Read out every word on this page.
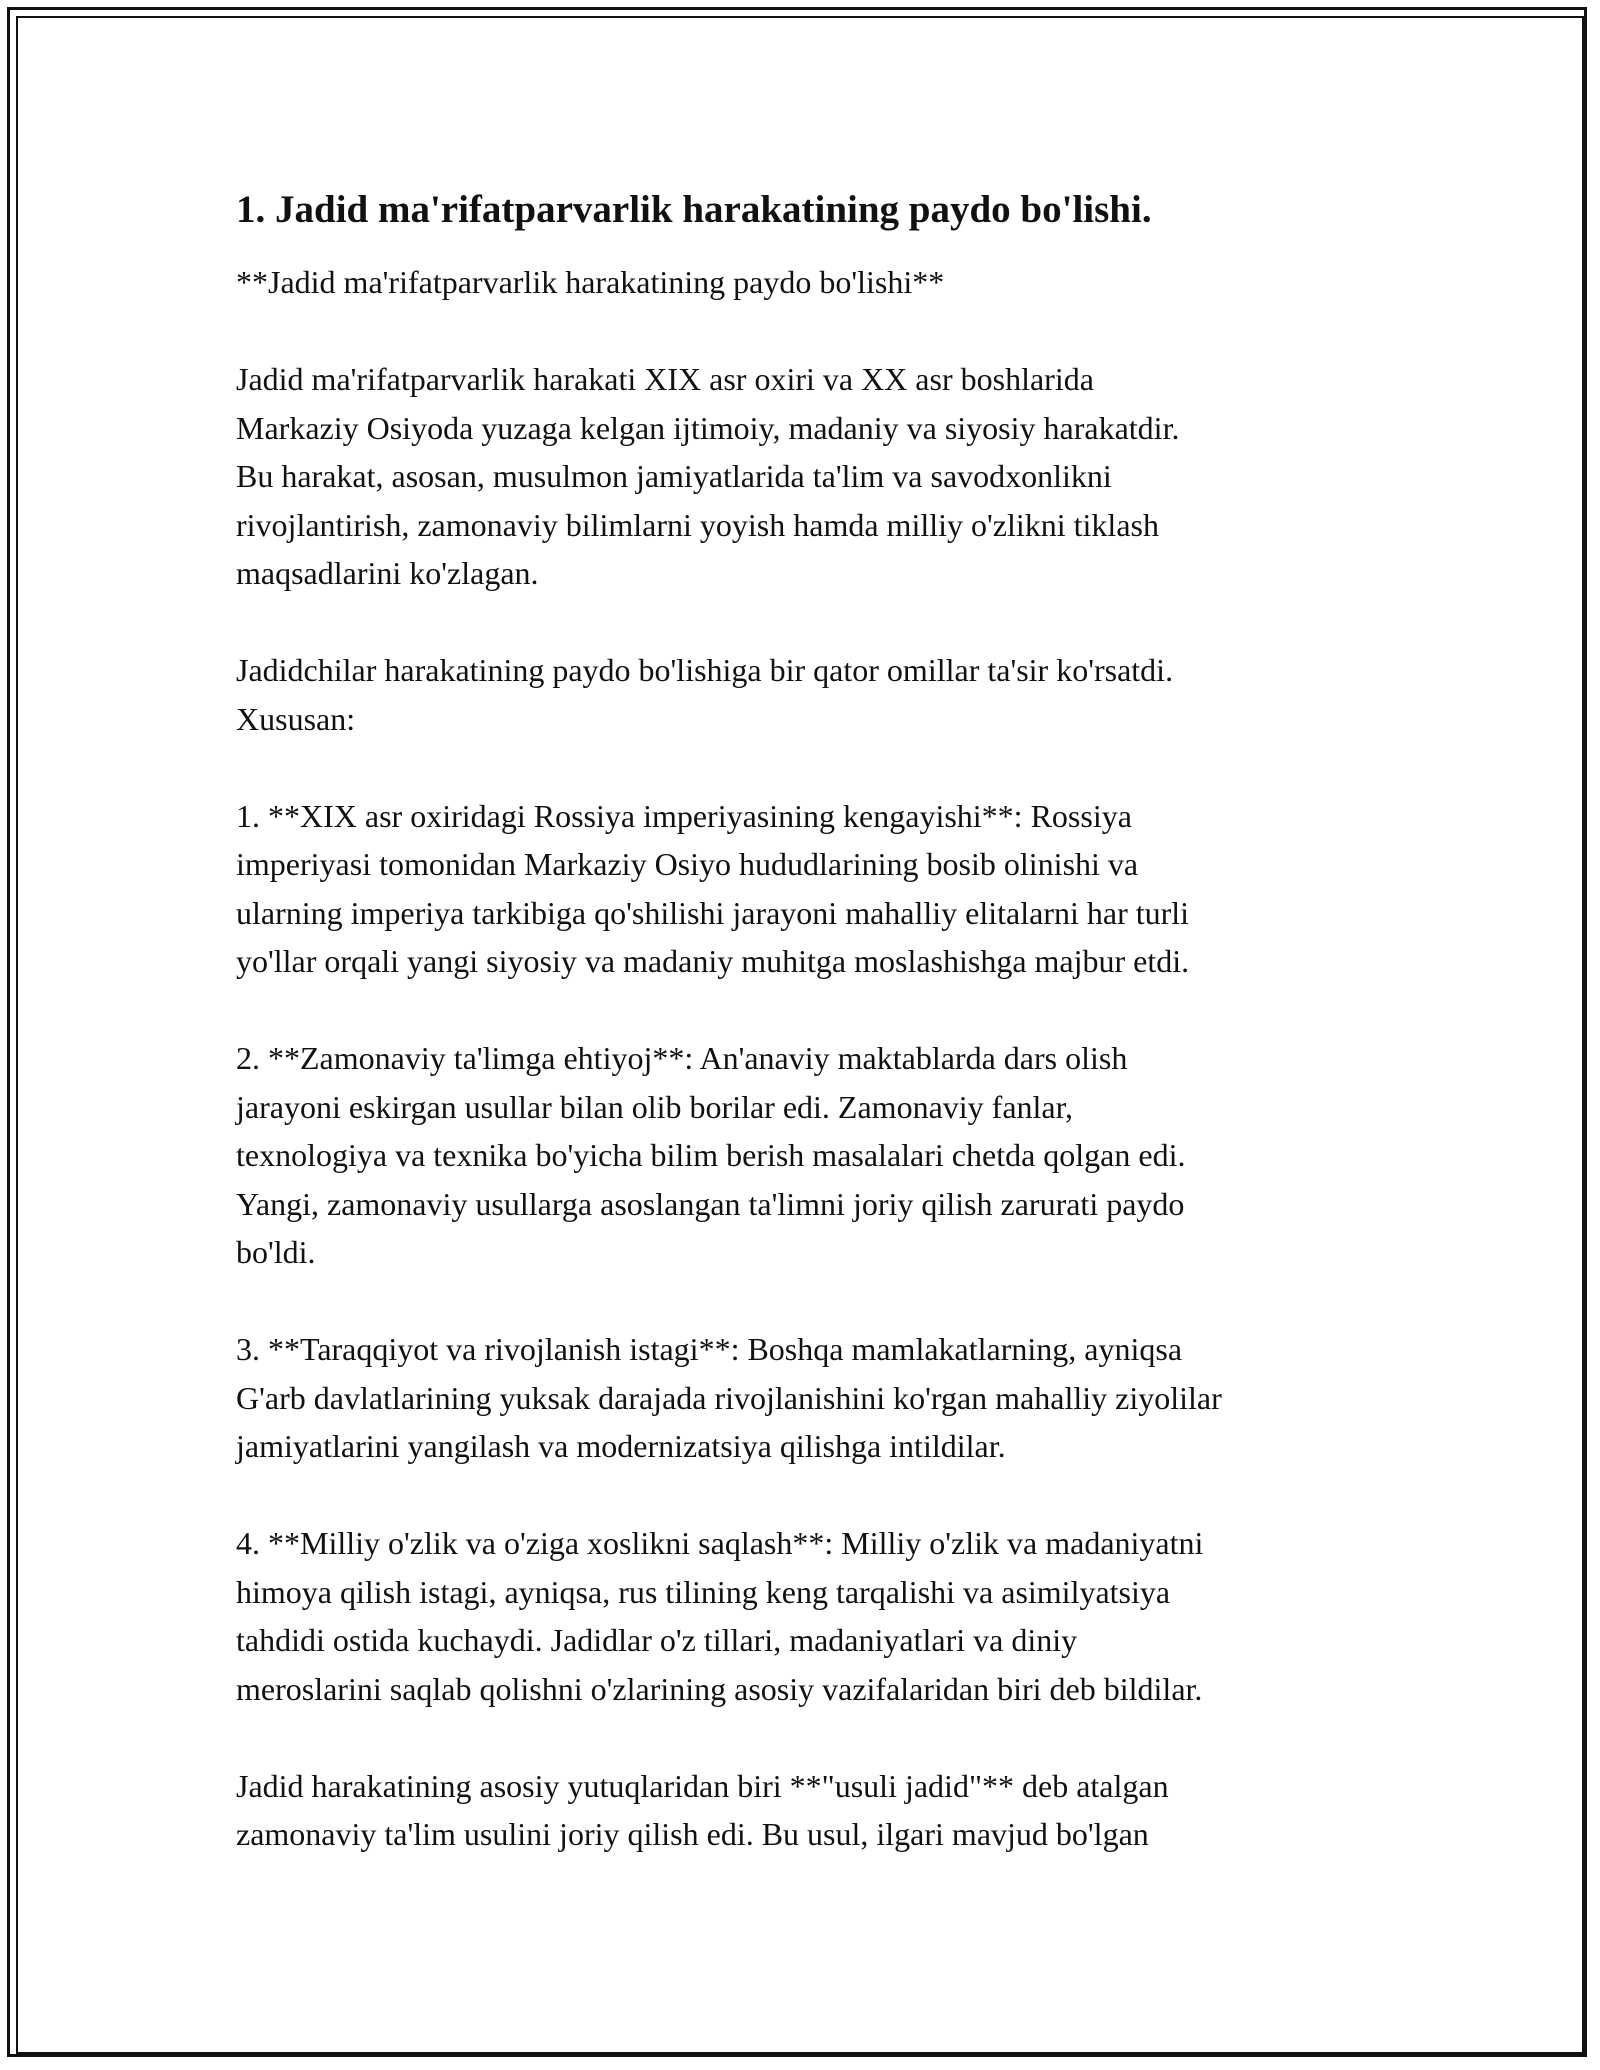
1. Jadid ma'rifatparvarlik harakatining paydo bo'lishi.

**Jadid ma'rifatparvarlik harakatining paydo bo'lishi**

Jadid ma'rifatparvarlik harakati XIX asr oxiri va XX asr boshlarida
Markaziy Osiyoda yuzaga kelgan ijtimoiy, madaniy va siyosiy harakatdir.
Bu harakat, asosan, musulmon jamiyatlarida ta'lim va savodxonlikni
rivojlantirish, zamonaviy bilimlarni yoyish hamda milliy o'zlikni tiklash
maqsadlarini ko'zlagan.

Jadidchilar harakatining paydo bo'lishiga bir qator omillar ta'sir ko'rsatdi.
Xususan:

1. **XIX asr oxiridagi Rossiya imperiyasining kengayishi**: Rossiya
imperiyasi tomonidan Markaziy Osiyo hududlarining bosib olinishi va
ularning imperiya tarkibiga qo'shilishi jarayoni mahalliy elitalarni har turli
yo'llar orqali yangi siyosiy va madaniy muhitga moslashishga majbur etdi.

2. **Zamonaviy ta'limga ehtiyoj**: An'anaviy maktablarda dars olish
jarayoni eskirgan usullar bilan olib borilar edi. Zamonaviy fanlar,
texnologiya va texnika bo'yicha bilim berish masalalari chetda qolgan edi.
Yangi, zamonaviy usullarga asoslangan ta'limni joriy qilish zarurati paydo
bo'ldi.

3. **Taraqqiyot va rivojlanish istagi**: Boshqa mamlakatlarning, ayniqsa
G'arb davlatlarining yuksak darajada rivojlanishini ko'rgan mahalliy ziyolilar
jamiyatlarini yangilash va modernizatsiya qilishga intildilar.

4. **Milliy o'zlik va o'ziga xoslikni saqlash**: Milliy o'zlik va madaniyatni
himoya qilish istagi, ayniqsa, rus tilining keng tarqalishi va asimilyatsiya
tahdidi ostida kuchaydi. Jadidlar o'z tillari, madaniyatlari va diniy
meroslarini saqlab qolishni o'zlarining asosiy vazifalaridan biri deb bildilar.

Jadid harakatining asosiy yutuqlaridan biri **"usuli jadid"** deb atalgan
zamonaviy ta'lim usulini joriy qilish edi. Bu usul, ilgari mavjud bo'lgan
